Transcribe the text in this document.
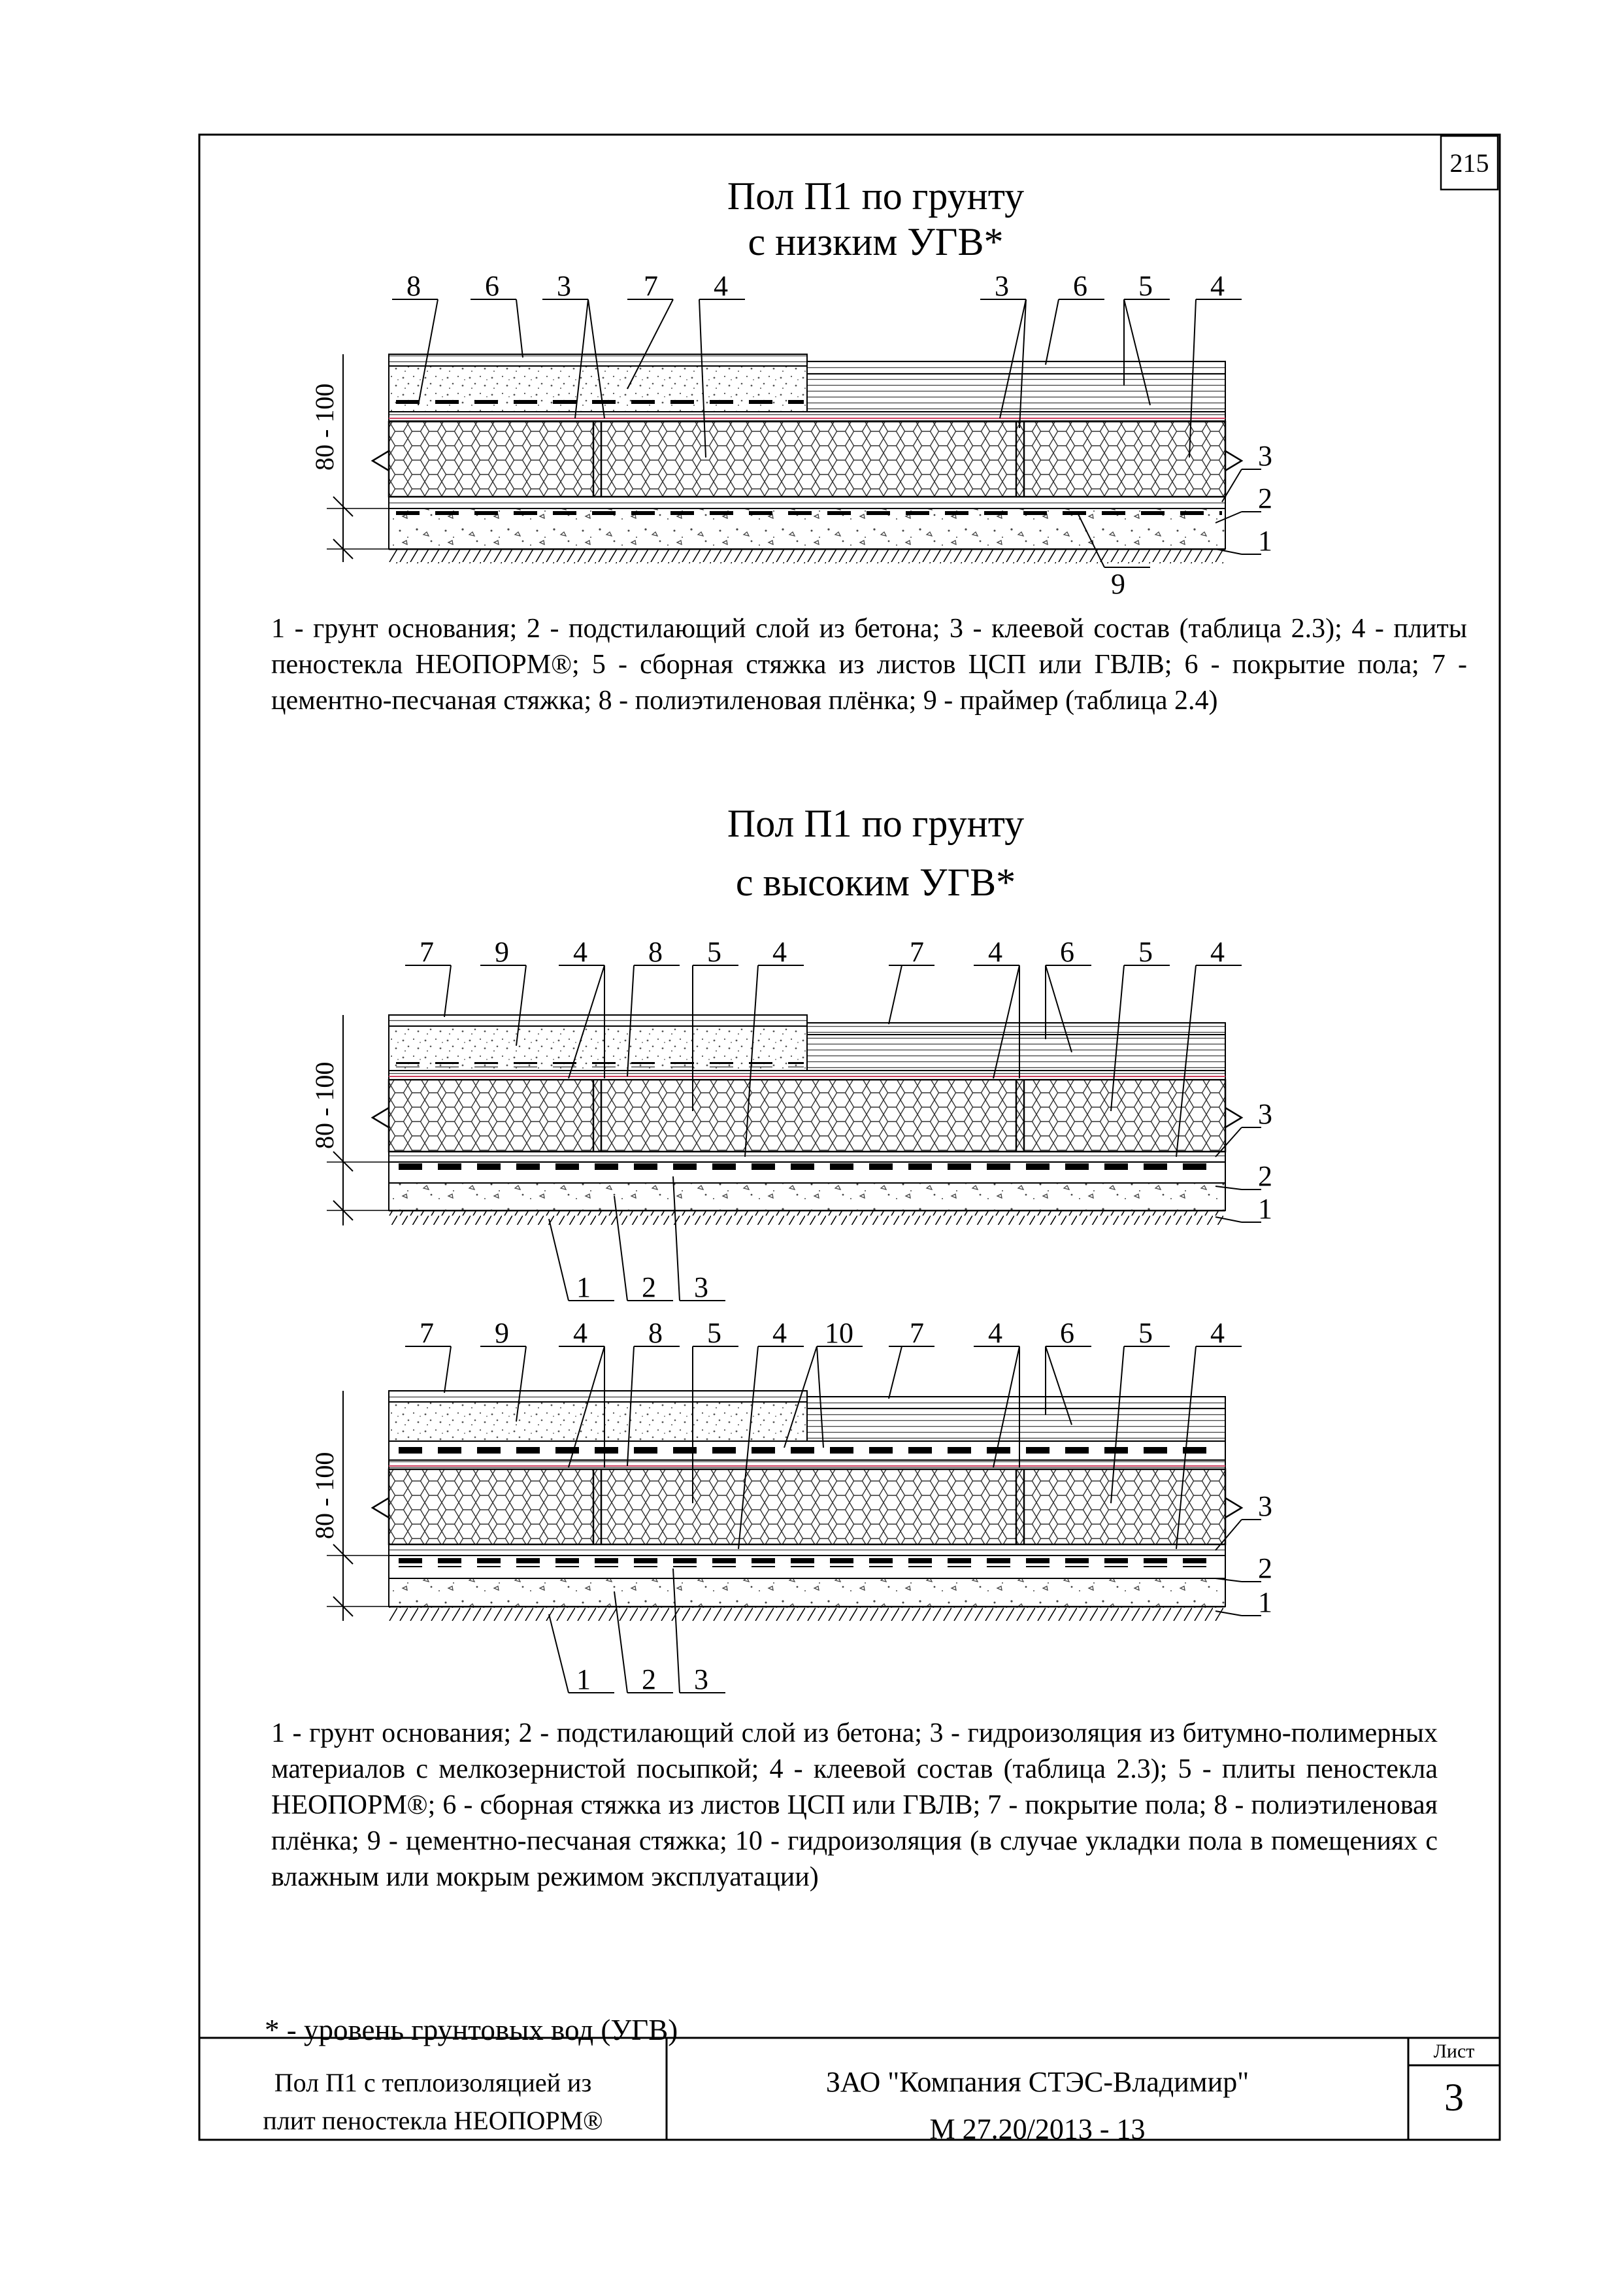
80 - 100
80 - 100
80 - 100
8 6 3	7 4	3 6 5 4
3
2
1
9
7 9 4 8 5 4	7 4 6 5 4
3
2
1
1 2 3
7 9 4 8 5 4 10 7 4 6 5 4
3
2
1
1 2 3
215
Пол П1 по грунту
с низким УГВ*
1 - грунт основания; 2 - подстилающий слой из бетона; 3 - клеевой состав (таблица 2.3); 4 - плиты пеностекла НЕОПОРМ®; 5 - сборная стяжка из листов ЦСП или ГВЛВ; 6 - покрытие пола; 7 - цементно-песчаная стяжка; 8 - полиэтиленовая плёнка; 9 - праймер (таблица 2.4)
Пол П1 по грунту
с высоким УГВ*
1 - грунт основания; 2 - подстилающий слой из бетона; 3 - гидроизоляция из битумно-полимерных материалов с мелкозернистой посыпкой; 4 - клеевой состав (таблица 2.3); 5 - плиты пеностекла НЕОПОРМ®; 6 - сборная стяжка из листов ЦСП или ГВЛВ; 7 - покрытие пола; 8 - полиэтиленовая плёнка; 9 - цементно-песчаная стяжка; 10 - гидроизоляция (в случае укладки пола в помещениях с влажным или мокрым режимом эксплуатации)
* - уровень грунтовых вод (УГВ)
Пол П1 с теплоизоляцией из
плит пеностекла НЕОПОРМ®
ЗАО "Компания СТЭС-Владимир"
М 27.20/2013 - 13
Лист
3
